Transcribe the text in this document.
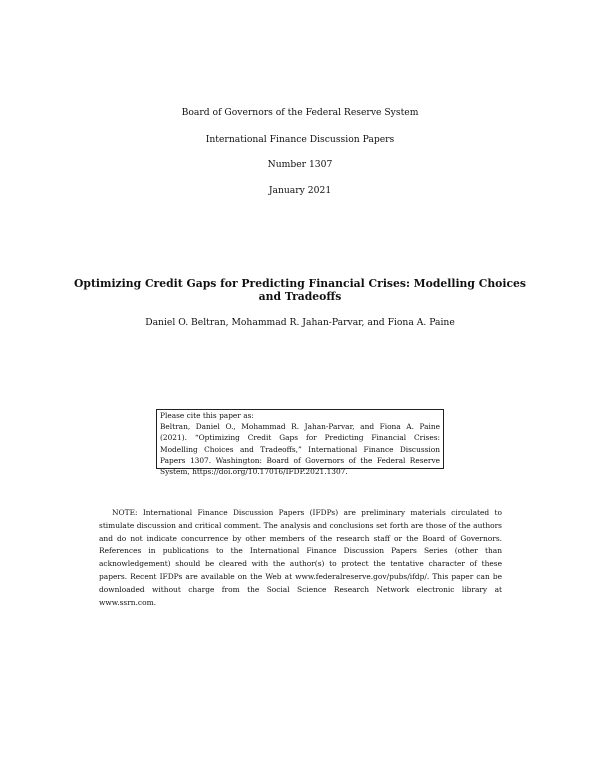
Board of Governors of the Federal Reserve System
International Finance Discussion Papers
Number 1307
January 2021
Optimizing Credit Gaps for Predicting Financial Crises: Modelling Choices and Tradeoffs
Daniel O. Beltran, Mohammad R. Jahan-Parvar, and Fiona A. Paine

Please cite this paper as:

Beltran, Daniel O., Mohammad R. Jahan-Parvar, and Fiona A. Paine (2021). “Optimizing Credit Gaps for Predicting Financial Crises: Modelling Choices and Tradeoffs,” International Finance Discussion Papers 1307. Washington: Board of Governors of the Federal Reserve System, https://doi.org/10.17016/IFDP.2021.1307.

NOTE: International Finance Discussion Papers (IFDPs) are preliminary materials circulated to stimulate discussion and critical comment. The analysis and conclusions set forth are those of the authors and do not indicate concurrence by other members of the research staff or the Board of Governors. References in publications to the International Finance Discussion Papers Series (other than acknowledgement) should be cleared with the author(s) to protect the tentative character of these papers. Recent IFDPs are available on the Web at www.federalreserve.gov/pubs/ifdp/. This paper can be downloaded without charge from the Social Science Research Network electronic library at www.ssrn.com.
